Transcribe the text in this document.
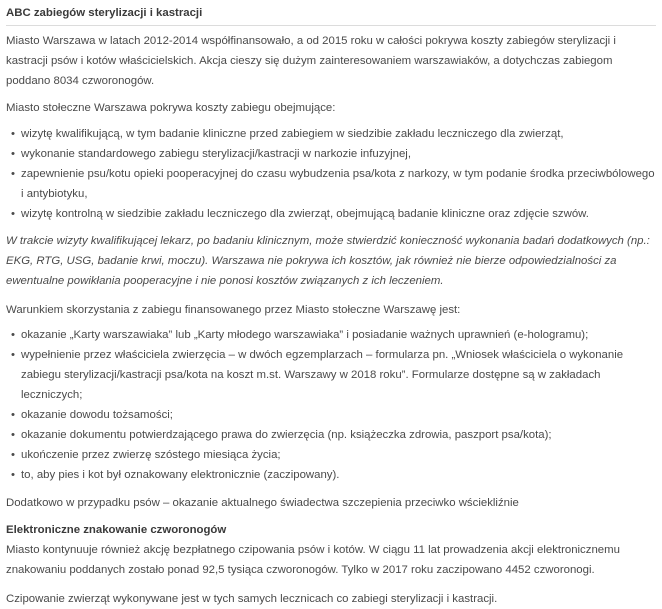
ABC zabiegów sterylizacji i kastracji

Miasto Warszawa w latach 2012-2014 współfinansowało, a od 2015 roku w całości pokrywa koszty zabiegów sterylizacji i kastracji psów i kotów właścicielskich. Akcja cieszy się dużym zainteresowaniem warszawiaków, a dotychczas zabiegom poddano 8034 czworonogów.

Miasto stołeczne Warszawa pokrywa koszty zabiegu obejmujące:

• wizytę kwalifikującą, w tym badanie kliniczne przed zabiegiem w siedzibie zakładu leczniczego dla zwierząt,
• wykonanie standardowego zabiegu sterylizacji/kastracji w narkozie infuzyjnej,
• zapewnienie psu/kotu opieki pooperacyjnej do czasu wybudzenia psa/kota z narkozy, w tym podanie środka przeciwbólowego i antybiotyku,
• wizytę kontrolną w siedzibie zakładu leczniczego dla zwierząt, obejmującą badanie kliniczne oraz zdjęcie szwów.

W trakcie wizyty kwalifikującej lekarz, po badaniu klinicznym, może stwierdzić konieczność wykonania badań dodatkowych (np.: EKG, RTG, USG, badanie krwi, moczu). Warszawa nie pokrywa ich kosztów, jak również nie bierze odpowiedzialności za ewentualne powikłania pooperacyjne i nie ponosi kosztów związanych z ich leczeniem.

Warunkiem skorzystania z zabiegu finansowanego przez Miasto stołeczne Warszawę jest:

• okazanie „Karty warszawiaka” lub „Karty młodego warszawiaka” i posiadanie ważnych uprawnień (e-hologramu);
• wypełnienie przez właściciela zwierzęcia – w dwóch egzemplarzach – formularza pn. „Wniosek właściciela o wykonanie zabiegu sterylizacji/kastracji psa/kota na koszt m.st. Warszawy w 2018 roku”. Formularze dostępne są w zakładach leczniczych;
• okazanie dowodu tożsamości;
• okazanie dokumentu potwierdzającego prawa do zwierzęcia (np. książeczka zdrowia, paszport psa/kota);
• ukończenie przez zwierzę szóstego miesiąca życia;
• to, aby pies i kot był oznakowany elektronicznie (zaczipowany).

Dodatkowo w przypadku psów – okazanie aktualnego świadectwa szczepienia przeciwko wściekliźnie

Elektroniczne znakowanie czworonogów

Miasto kontynuuje również akcję bezpłatnego czipowania psów i kotów. W ciągu 11 lat prowadzenia akcji elektronicznemu znakowaniu poddanych zostało ponad 92,5 tysiąca czworonogów. Tylko w 2017 roku zaczipowano 4452 czworonogi.

Czipowanie zwierząt wykonywane jest w tych samych lecznicach co zabiegi sterylizacji i kastracji.
